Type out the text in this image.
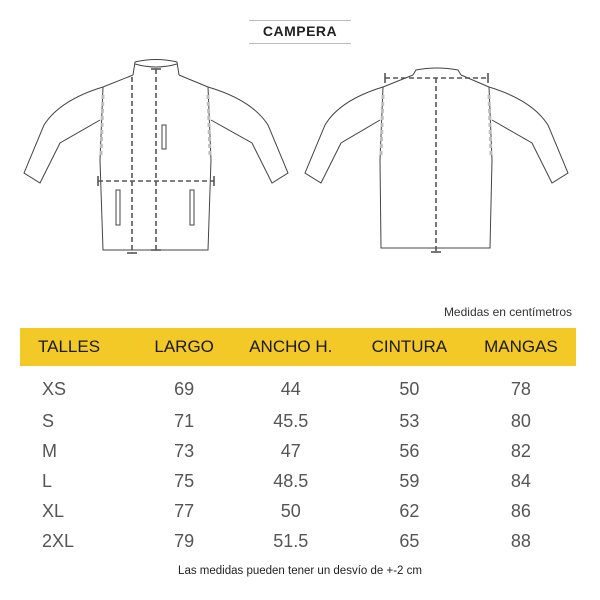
CAMPERA
Medidas en centímetros
TALLES	LARGO	ANCHO H.	CINTURA	MANGAS
XS	69	44	50	78
S	71	45.5	53	80
M	73	47	56	82
L	75	48.5	59	84
XL	77	50	62	86
2XL	79	51.5	65	88
Las medidas pueden tener un desvío de +-2 cm
